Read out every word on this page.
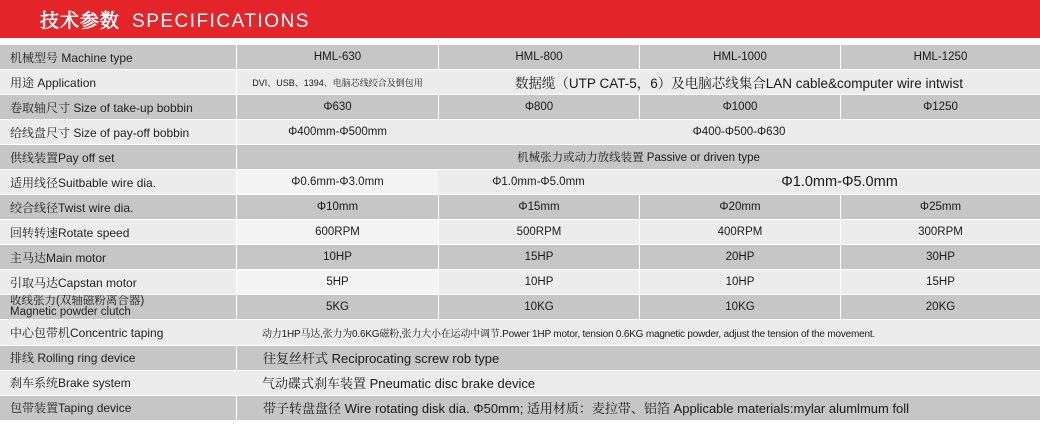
技术参数 SPECIFICATIONS
机械型号 Machine type	HML-630	HML-800	HML-1000	HML-1250
用途 Application	DVI、USB、1394、电脑芯线绞合及倒包用	数据缆（UTP CAT-5，6）及电脑芯线集合LAN cable&computer wire intwist
卷取轴尺寸 Size of take-up bobbin	Φ630	Φ800	Φ1000	Φ1250
给线盘尺寸 Size of pay-off bobbin	Φ400mm-Φ500mm	Φ400-Φ500-Φ630
供线装置Pay off set	机械张力或动力放线装置 Passive or driven type
适用线径Suitbable wire dia.	Φ0.6mm-Φ3.0mm	Φ1.0mm-Φ5.0mm	Φ1.0mm-Φ5.0mm
绞合线径Twist wire dia.	Φ10mm	Φ15mm	Φ20mm	Φ25mm
回转转速Rotate speed	600RPM	500RPM	400RPM	300RPM
主马达Main motor	10HP	15HP	20HP	30HP
引取马达Capstan motor	5HP	10HP	10HP	15HP
收线张力(双轴磁粉离合器)
Magnetic powder clutch	5KG	10KG	10KG	20KG
中心包带机Concentric taping	动力1HP马达,张力为0.6KG磁粉,张力大小在运动中调节.Power 1HP motor, tension 0.6KG magnetic powder, adjust the tension of the movement.
排线 Rolling ring device	往复丝杆式 Reciprocating screw rob type
刹车系统Brake system	气动碟式刹车装置 Pneumatic disc brake device
包带装置Taping device	带子转盘盘径 Wire rotating disk dia. Φ50mm; 适用材质：麦拉带、铝箔 Applicable materials:mylar alumlmum foll
